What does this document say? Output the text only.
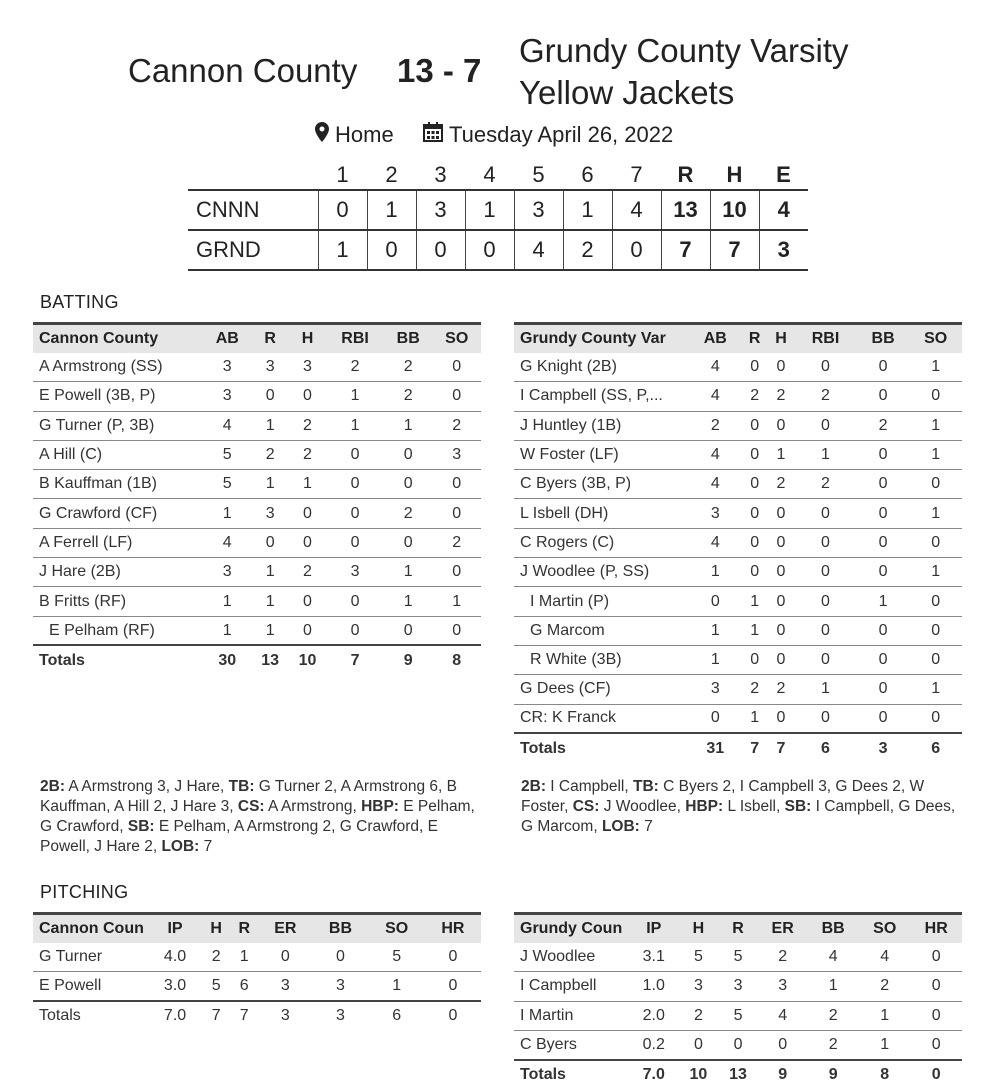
Cannon County 13 - 7
Grundy County Varsity
Yellow Jackets
Home	Tuesday April 26, 2022
	1	2	3	4	5	6	7	R	H	E
CNNN	0	1	3	1	3	1	4	13	10	4
GRND	1	0	0	0	4	2	0	7	7	3
BATTING
Cannon County	AB	R	H	RBI	BB	SO
A Armstrong (SS)	3	3	3	2	2	0
E Powell (3B, P)	3	0	0	1	2	0
G Turner (P, 3B)	4	1	2	1	1	2
A Hill (C)	5	2	2	0	0	3
B Kauffman (1B)	5	1	1	0	0	0
G Crawford (CF)	1	3	0	0	2	0
A Ferrell (LF)	4	0	0	0	0	2
J Hare (2B)	3	1	2	3	1	0
B Fritts (RF)	1	1	0	0	1	1
E Pelham (RF)	1	1	0	0	0	0
Totals	30	13	10	7	9	8
Grundy County Var	AB	R	H	RBI	BB	SO
G Knight (2B)	4	0	0	0	0	1
I Campbell (SS, P,...	4	2	2	2	0	0
J Huntley (1B)	2	0	0	0	2	1
W Foster (LF)	4	0	1	1	0	1
C Byers (3B, P)	4	0	2	2	0	0
L Isbell (DH)	3	0	0	0	0	1
C Rogers (C)	4	0	0	0	0	0
J Woodlee (P, SS)	1	0	0	0	0	1
I Martin (P)	0	1	0	0	1	0
G Marcom	1	1	0	0	0	0
R White (3B)	1	0	0	0	0	0
G Dees (CF)	3	2	2	1	0	1
CR: K Franck	0	1	0	0	0	0
Totals	31	7	7	6	3	6
2B: A Armstrong 3, J Hare, TB: G Turner 2, A Armstrong 6, B Kauffman, A Hill 2, J Hare 3, CS: A Armstrong, HBP: E Pelham, G Crawford, SB: E Pelham, A Armstrong 2, G Crawford, E Powell, J Hare 2, LOB: 7
2B: I Campbell, TB: C Byers 2, I Campbell 3, G Dees 2, W Foster, CS: J Woodlee, HBP: L Isbell, SB: I Campbell, G Dees, G Marcom, LOB: 7
PITCHING
Cannon Coun	IP	H	R	ER	BB	SO	HR
G Turner	4.0	2	1	0	0	5	0
E Powell	3.0	5	6	3	3	1	0
Totals	7.0	7	7	3	3	6	0
Grundy Coun	IP	H	R	ER	BB	SO	HR
J Woodlee	3.1	5	5	2	4	4	0
I Campbell	1.0	3	3	3	1	2	0
I Martin	2.0	2	5	4	2	1	0
C Byers	0.2	0	0	0	2	1	0
Totals	7.0	10	13	9	9	8	0
